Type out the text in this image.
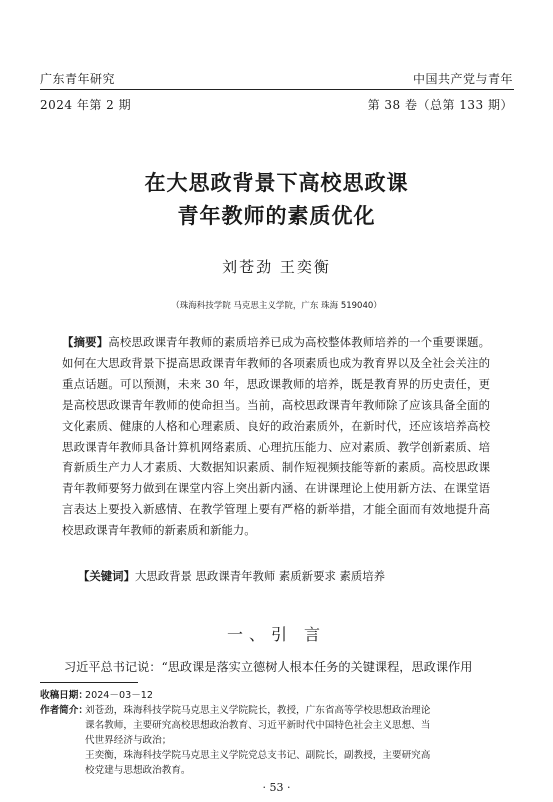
广东青年研究	中国共产党与青年
2024 年第 2 期	第 38 卷（总第 133 期）
在大思政背景下高校思政课
青年教师的素质优化
刘苍劲 王奕衡
（珠海科技学院 马克思主义学院，广东 珠海 519040）
【摘要】高校思政课青年教师的素质培养已成为高校整体教师培养的一个重要课题。如何在大思政背景下提高思政课青年教师的各项素质也成为教育界以及全社会关注的重点话题。可以预测，未来 30 年，思政课教师的培养，既是教育界的历史责任，更是高校思政课青年教师的使命担当。当前，高校思政课青年教师除了应该具备全面的文化素质、健康的人格和心理素质、良好的政治素质外，在新时代，还应该培养高校思政课青年教师具备计算机网络素质、心理抗压能力、应对素质、教学创新素质、培育新质生产力人才素质、大数据知识素质、制作短视频技能等新的素质。高校思政课青年教师要努力做到在课堂内容上突出新内涵、在讲课理论上使用新方法、在课堂语言表达上要投入新感情、在教学管理上要有严格的新举措，才能全面而有效地提升高校思政课青年教师的新素质和新能力。
【关键词】大思政背景 思政课青年教师 素质新要求 素质培养
一、引 言
习近平总书记说：“思政课是落实立德树人根本任务的关键课程，思政课作用
收稿日期：
2024－03－12
作者简介：
刘苍劲，珠海科技学院马克思主义学院院长，教授，广东省高等学校思想政治理论
课名教师，主要研究高校思想政治教育、习近平新时代中国特色社会主义思想、当
代世界经济与政治；
王奕衡，珠海科技学院马克思主义学院党总支书记、副院长，副教授，主要研究高
校党建与思想政治教育。
· 53 ·
